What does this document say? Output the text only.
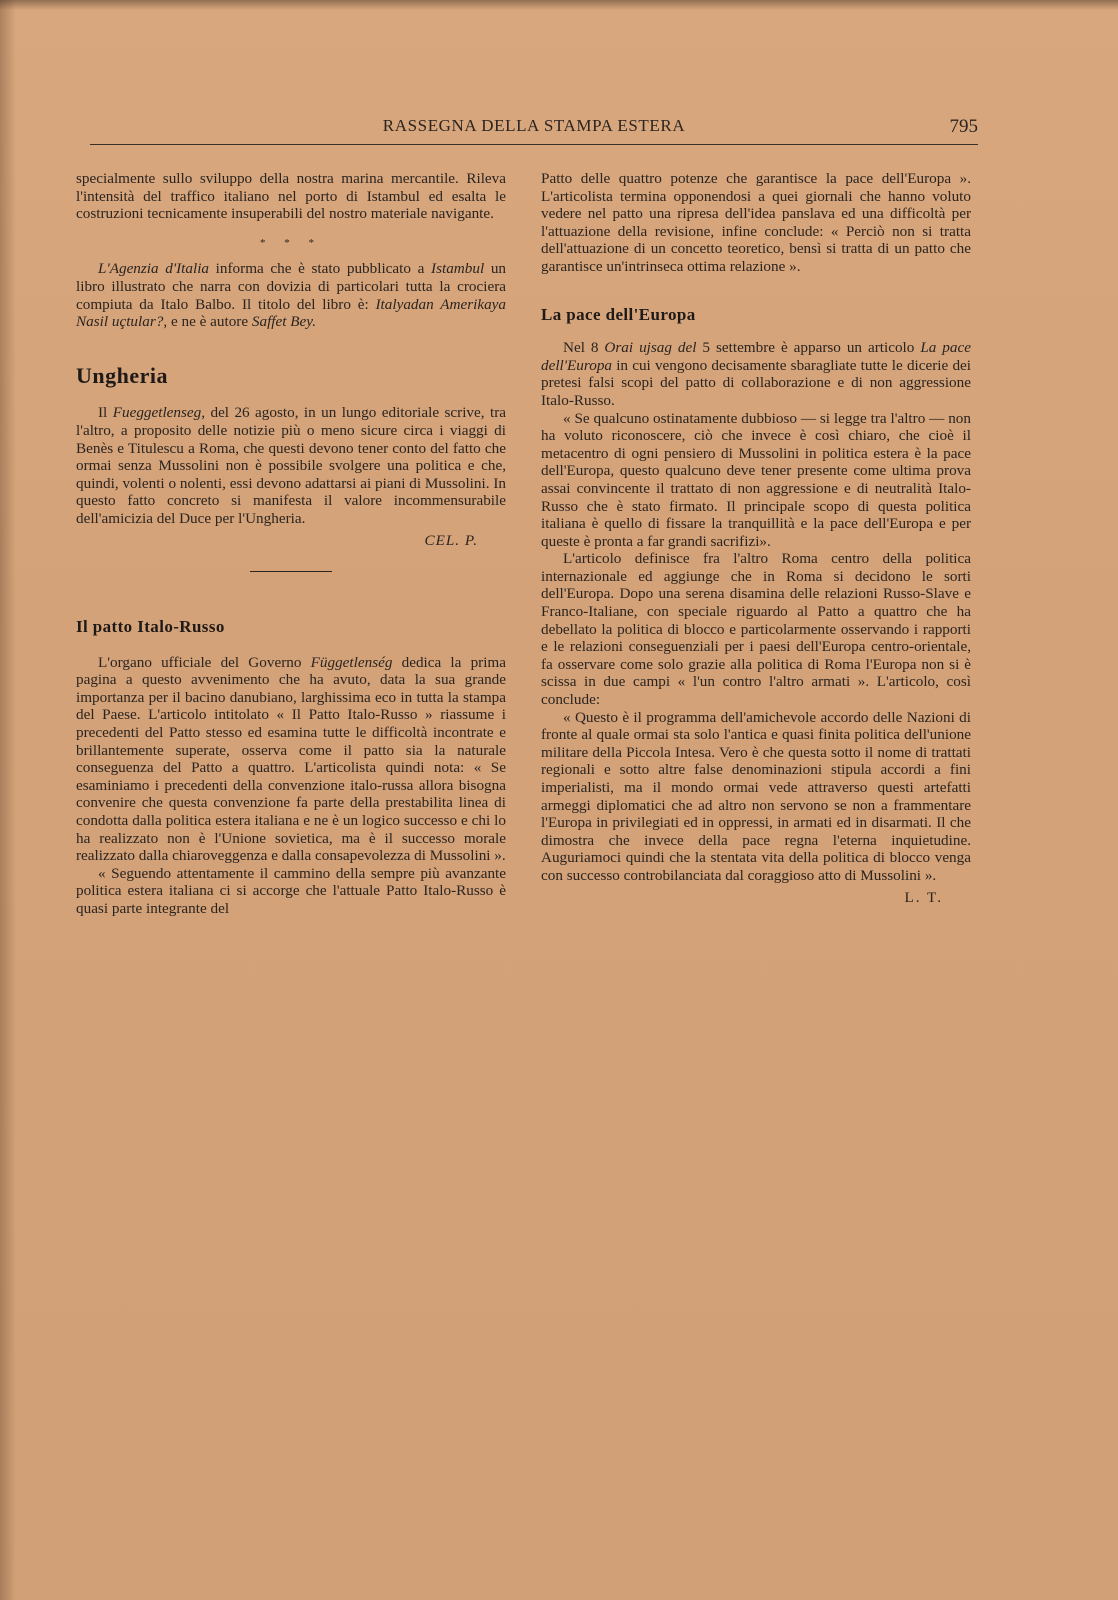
RASSEGNA DELLA STAMPA ESTERA	795

specialmente sullo sviluppo della nostra marina mercantile. Rileva l'intensità del traffico italiano nel porto di Istambul ed esalta le costruzioni tecnicamente insuperabili del nostro materiale navigante.

* * *

L'Agenzia d'Italia informa che è stato pubblicato a Istambul un libro illustrato che narra con dovizia di particolari tutta la crociera compiuta da Italo Balbo. Il titolo del libro è: Italyadan Amerikaya Nasil uçtular?, e ne è autore Saffet Bey.

Ungheria

Il Fueggetlenseg, del 26 agosto, in un lungo editoriale scrive, tra l'altro, a proposito delle notizie più o meno sicure circa i viaggi di Benès e Titulescu a Roma, che questi devono tener conto del fatto che ormai senza Mussolini non è possibile svolgere una politica e che, quindi, volenti o nolenti, essi devono adattarsi ai piani di Mussolini. In questo fatto concreto si manifesta il valore incommensurabile dell'amicizia del Duce per l'Ungheria.

CEL. P.
Il patto Italo-Russo

L'organo ufficiale del Governo Függetlenség dedica la prima pagina a questo avvenimento che ha avuto, data la sua grande importanza per il bacino danubiano, larghissima eco in tutta la stampa del Paese. L'articolo intitolato « Il Patto Italo-Russo » riassume i precedenti del Patto stesso ed esamina tutte le difficoltà incontrate e brillantemente superate, osserva come il patto sia la naturale conseguenza del Patto a quattro. L'articolista quindi nota: « Se esaminiamo i precedenti della convenzione italo-russa allora bisogna convenire che questa convenzione fa parte della prestabilita linea di condotta dalla politica estera italiana e ne è un logico successo e chi lo ha realizzato non è l'Unione sovietica, ma è il successo morale realizzato dalla chiaroveggenza e dalla consapevolezza di Mussolini ».

« Seguendo attentamente il cammino della sempre più avanzante politica estera italiana ci si accorge che l'attuale Patto Italo-Russo è quasi parte integrante del

Patto delle quattro potenze che garantisce la pace dell'Europa ». L'articolista termina opponendosi a quei giornali che hanno voluto vedere nel patto una ripresa dell'idea panslava ed una difficoltà per l'attuazione della revisione, infine conclude: « Perciò non si tratta dell'attuazione di un concetto teoretico, bensì si tratta di un patto che garantisce un'intrinseca ottima relazione ».

La pace dell'Europa

Nel 8 Orai ujsag del 5 settembre è apparso un articolo La pace dell'Europa in cui vengono decisamente sbaragliate tutte le dicerie dei pretesi falsi scopi del patto di collaborazione e di non aggressione Italo-Russo.

« Se qualcuno ostinatamente dubbioso — si legge tra l'altro — non ha voluto riconoscere, ciò che invece è così chiaro, che cioè il metacentro di ogni pensiero di Mussolini in politica estera è la pace dell'Europa, questo qualcuno deve tener presente come ultima prova assai convincente il trattato di non aggressione e di neutralità Italo-Russo che è stato firmato. Il principale scopo di questa politica italiana è quello di fissare la tranquillità e la pace dell'Europa e per queste è pronta a far grandi sacrifizi».

L'articolo definisce fra l'altro Roma centro della politica internazionale ed aggiunge che in Roma si decidono le sorti dell'Europa. Dopo una serena disamina delle relazioni Russo-Slave e Franco-Italiane, con speciale riguardo al Patto a quattro che ha debellato la politica di blocco e particolarmente osservando i rapporti e le relazioni conseguenziali per i paesi dell'Europa centro-orientale, fa osservare come solo grazie alla politica di Roma l'Europa non si è scissa in due campi « l'un contro l'altro armati ». L'articolo, così conclude:

« Questo è il programma dell'amichevole accordo delle Nazioni di fronte al quale ormai sta solo l'antica e quasi finita politica dell'unione militare della Piccola Intesa. Vero è che questa sotto il nome di trattati regionali e sotto altre false denominazioni stipula accordi a fini imperialisti, ma il mondo ormai vede attraverso questi artefatti armeggi diplomatici che ad altro non servono se non a frammentare l'Europa in privilegiati ed in oppressi, in armati ed in disarmati. Il che dimostra che invece della pace regna l'eterna inquietudine. Auguriamoci quindi che la stentata vita della politica di blocco venga con successo controbilanciata dal coraggioso atto di Mussolini ».

L. T.
